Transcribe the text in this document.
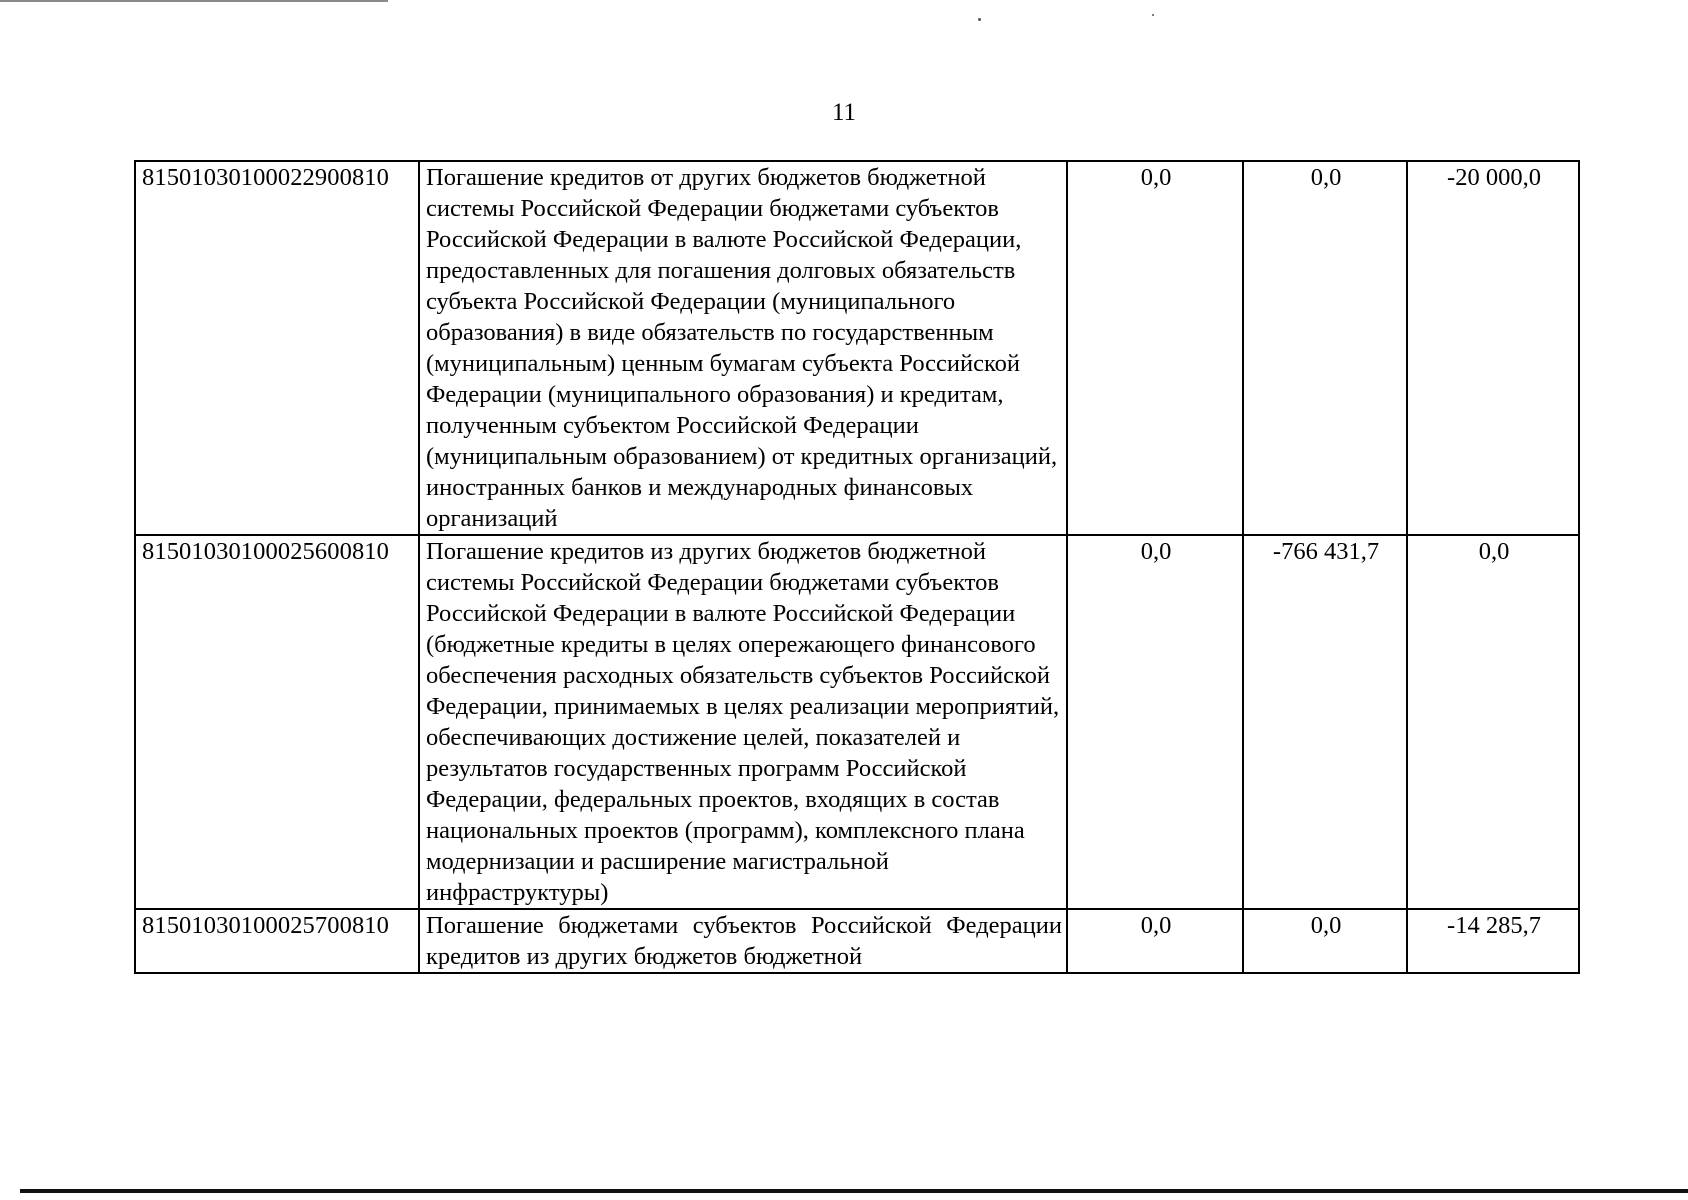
11
81501030100022900810	Погашение кредитов от других бюджетов бюджетной системы Российской Федерации бюджетами субъектов Российской Федерации в валюте Российской Федерации, предоставленных для погашения долговых обязательств субъекта Российской Федерации (муниципального образования) в виде обязательств по государственным (муниципальным) ценным бумагам субъекта Российской Федерации (муниципального образования) и кредитам, полученным субъектом Российской Федерации (муниципальным образованием) от кредитных организаций, иностранных банков и международных финансовых организаций	0,0	0,0	-20 000,0
81501030100025600810	Погашение кредитов из других бюджетов бюджетной системы Российской Федерации бюджетами субъектов Российской Федерации в валюте Российской Федерации (бюджетные кредиты в целях опережающего финансового обеспечения расходных обязательств субъектов Российской Федерации, принимаемых в целях реализации мероприятий, обеспечивающих достижение целей, показателей и результатов государственных программ Российской Федерации, федеральных проектов, входящих в состав национальных проектов (программ), комплексного плана модернизации и расширение магистральной инфраструктуры)	0,0	-766 431,7	0,0
81501030100025700810	Погашение бюджетами субъектов Российской Федерации кредитов из других бюджетов бюджетной	0,0	0,0	-14 285,7
